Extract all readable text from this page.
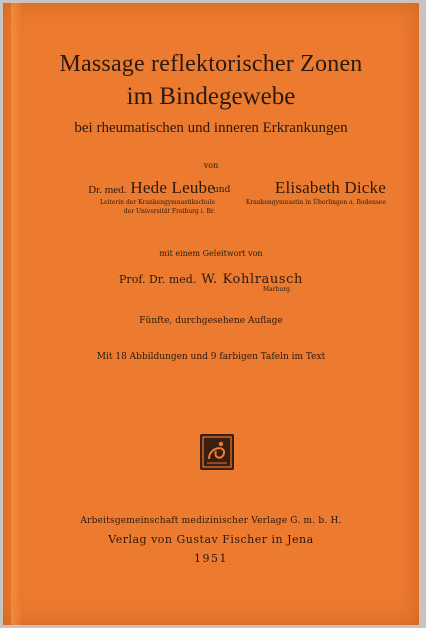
Massage reflektorischer Zonen
im Bindegewebe
bei rheumatischen und inneren Erkrankungen
von
Dr. med. Hede Leube
Leiterin der Krankengymnastikschule
der Universität Freiburg i. Br.
und	Elisabeth Dicke
Krankengymnastin in Überlingen a. Bodensee
mit einem Geleitwort von
Prof. Dr. med. W. Kohlrausch
Marburg
Fünfte, durchgesehene Auflage
Mit 18 Abbildungen und 9 farbigen Tafeln im Text
Arbeitsgemeinschaft medizinischer Verlage G. m. b. H.
Verlag von Gustav Fischer in Jena
1951
